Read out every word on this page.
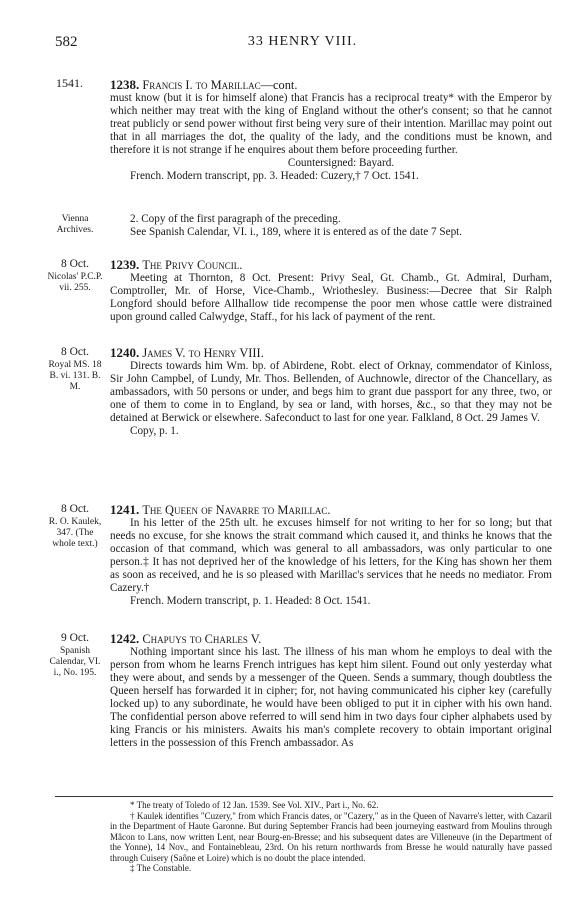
582	33 HENRY VIII.
1541. 1238. Francis I. to Marillac—cont.

must know (but it is for himself alone) that Francis has a reciprocal treaty* with the Emperor by which neither may treat with the king of England without the other's consent; so that he cannot treat publicly or send power without first being very sure of their intention. Marillac may point out that in all marriages the dot, the quality of the lady, and the conditions must be known, and therefore it is not strange if he enquires about them before proceeding further.

Countersigned: Bayard.

French. Modern transcript, pp. 3. Headed: Cuzery,† 7 Oct. 1541.

Vienna Archives.

2. Copy of the first paragraph of the preceding.

See Spanish Calendar, VI. i., 189, where it is entered as of the date 7 Sept.

8 Oct.
Nicolas' P.C.P. vii. 255.

1239. The Privy Council.

Meeting at Thornton, 8 Oct. Present: Privy Seal, Gt. Chamb., Gt. Admiral, Durham, Comptroller, Mr. of Horse, Vice-Chamb., Wriothesley. Business:—Decree that Sir Ralph Longford should before Allhallow tide recompense the poor men whose cattle were distrained upon ground called Calwydge, Staff., for his lack of payment of the rent.

8 Oct.
Royal MS. 18 B. vi. 131. B. M.

1240. James V. to Henry VIII.

Directs towards him Wm. bp. of Abirdene, Robt. elect of Orknay, commendator of Kinloss, Sir John Campbel, of Lundy, Mr. Thos. Bellenden, of Auchnowle, director of the Chancellary, as ambassadors, with 50 persons or under, and begs him to grant due passport for any three, two, or one of them to come in to England, by sea or land, with horses, &c., so that they may not be detained at Berwick or elsewhere. Safeconduct to last for one year. Falkland, 8 Oct. 29 James V.

Copy, p. 1.

8 Oct.
R. O. Kaulek, 347. (The whole text.)

1241. The Queen of Navarre to Marillac.

In his letter of the 25th ult. he excuses himself for not writing to her for so long; but that needs no excuse, for she knows the strait command which caused it, and thinks he knows that the occasion of that command, which was general to all ambassadors, was only particular to one person.‡ It has not deprived her of the knowledge of his letters, for the King has shown her them as soon as received, and he is so pleased with Marillac's services that he needs no mediator. From Cazery.†

French. Modern transcript, p. 1. Headed: 8 Oct. 1541.

9 Oct.
Spanish Calendar, VI. i., No. 195.

1242. Chapuys to Charles V.

Nothing important since his last. The illness of his man whom he employs to deal with the person from whom he learns French intrigues has kept him silent. Found out only yesterday what they were about, and sends by a messenger of the Queen. Sends a summary, though doubtless the Queen herself has forwarded it in cipher; for, not having communicated his cipher key (carefully locked up) to any subordinate, he would have been obliged to put it in cipher with his own hand. The confidential person above referred to will send him in two days four cipher alphabets used by king Francis or his ministers. Awaits his man's complete recovery to obtain important original letters in the possession of this French ambassador. As

* The treaty of Toledo of 12 Jan. 1539. See Vol. XIV., Part i., No. 62.

† Kaulek identifies "Cuzery," from which Francis dates, or "Cazery," as in the Queen of Navarre's letter, with Cazaril in the Department of Haute Garonne. But during September Francis had been journeying eastward from Moulins through Mâcon to Lans, now written Lent, near Bourg-en-Bresse; and his subsequent dates are Villeneuve (in the Department of the Yonne), 14 Nov., and Fontainebleau, 23rd. On his return northwards from Bresse he would naturally have passed through Cuisery (Saône et Loire) which is no doubt the place intended.

‡ The Constable.
